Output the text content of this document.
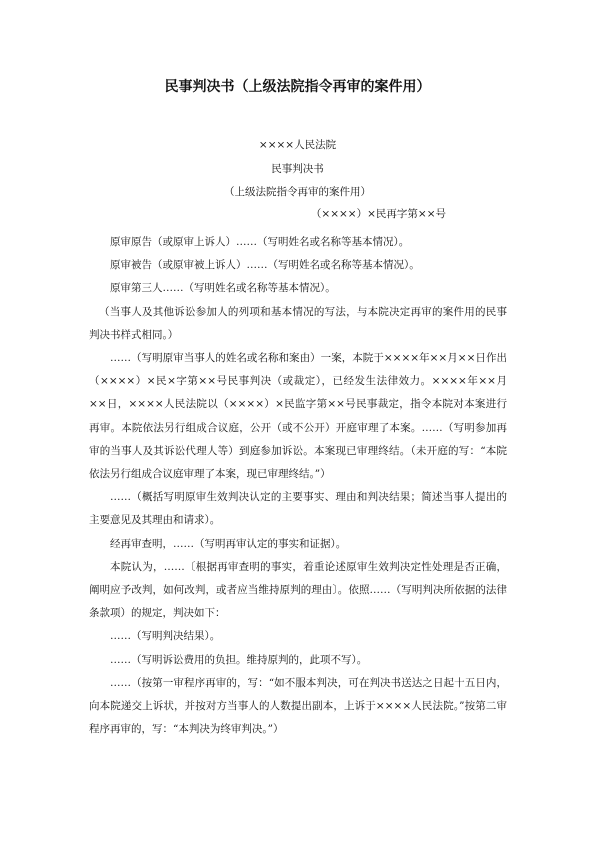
民事判决书（上级法院指令再审的案件用）
××××人民法院
民事判决书
（上级法院指令再审的案件用）
（××××）×民再字第××号

原审原告（或原审上诉人）……（写明姓名或名称等基本情况）。

原审被告（或原审被上诉人）……（写明姓名或名称等基本情况）。

原审第三人……（写明姓名或名称等基本情况）。

（当事人及其他诉讼参加人的列项和基本情况的写法，与本院决定再审的案件用的民事判决书样式相同。）

……（写明原审当事人的姓名或名称和案由）一案，本院于××××年××月××日作出（××××）×民×字第××号民事判决（或裁定），已经发生法律效力。××××年××月××日，××××人民法院以（××××）×民监字第××号民事裁定，指令本院对本案进行再审。本院依法另行组成合议庭，公开（或不公开）开庭审理了本案。……（写明参加再审的当事人及其诉讼代理人等）到庭参加诉讼。本案现已审理终结。（未开庭的写：“本院依法另行组成合议庭审理了本案，现已审理终结。”）

……（概括写明原审生效判决认定的主要事实、理由和判决结果；简述当事人提出的主要意见及其理由和请求）。

经再审查明，……（写明再审认定的事实和证据）。

本院认为，……〔根据再审查明的事实，着重论述原审生效判决定性处理是否正确，阐明应予改判，如何改判，或者应当维持原判的理由〕。依照……（写明判决所依据的法律条款项）的规定，判决如下：

……（写明判决结果）。

……（写明诉讼费用的负担。维持原判的，此项不写）。

……（按第一审程序再审的，写：“如不服本判决，可在判决书送达之日起十五日内，向本院递交上诉状，并按对方当事人的人数提出副本，上诉于××××人民法院。”按第二审程序再审的，写：“本判决为终审判决。”）
